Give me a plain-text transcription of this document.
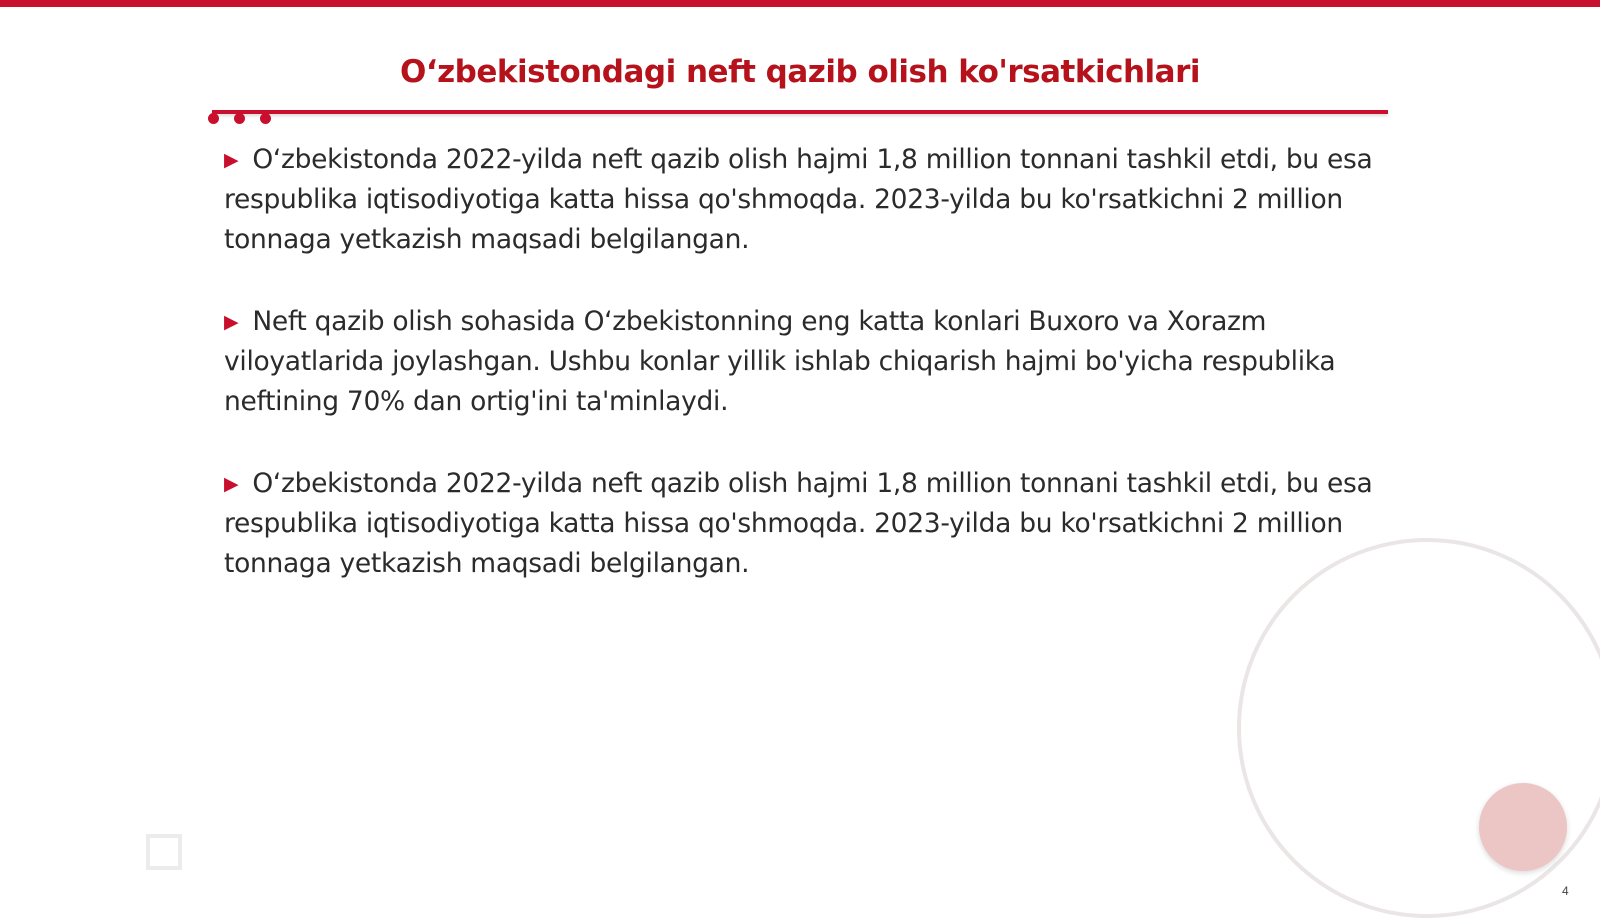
O‘zbekistondagi neft qazib olish ko'rsatkichlari

▶ O‘zbekistonda 2022-yilda neft qazib olish hajmi 1,8 million tonnani tashkil etdi, bu esa respublika iqtisodiyotiga katta hissa qo'shmoqda. 2023-yilda bu ko'rsatkichni 2 million tonnaga yetkazish maqsadi belgilangan.

▶ Neft qazib olish sohasida O‘zbekistonning eng katta konlari Buxoro va Xorazm viloyatlarida joylashgan. Ushbu konlar yillik ishlab chiqarish hajmi bo'yicha respublika neftining 70% dan ortig'ini ta'minlaydi.

▶ O‘zbekistonda 2022-yilda neft qazib olish hajmi 1,8 million tonnani tashkil etdi, bu esa respublika iqtisodiyotiga katta hissa qo'shmoqda. 2023-yilda bu ko'rsatkichni 2 million tonnaga yetkazish maqsadi belgilangan.

4
